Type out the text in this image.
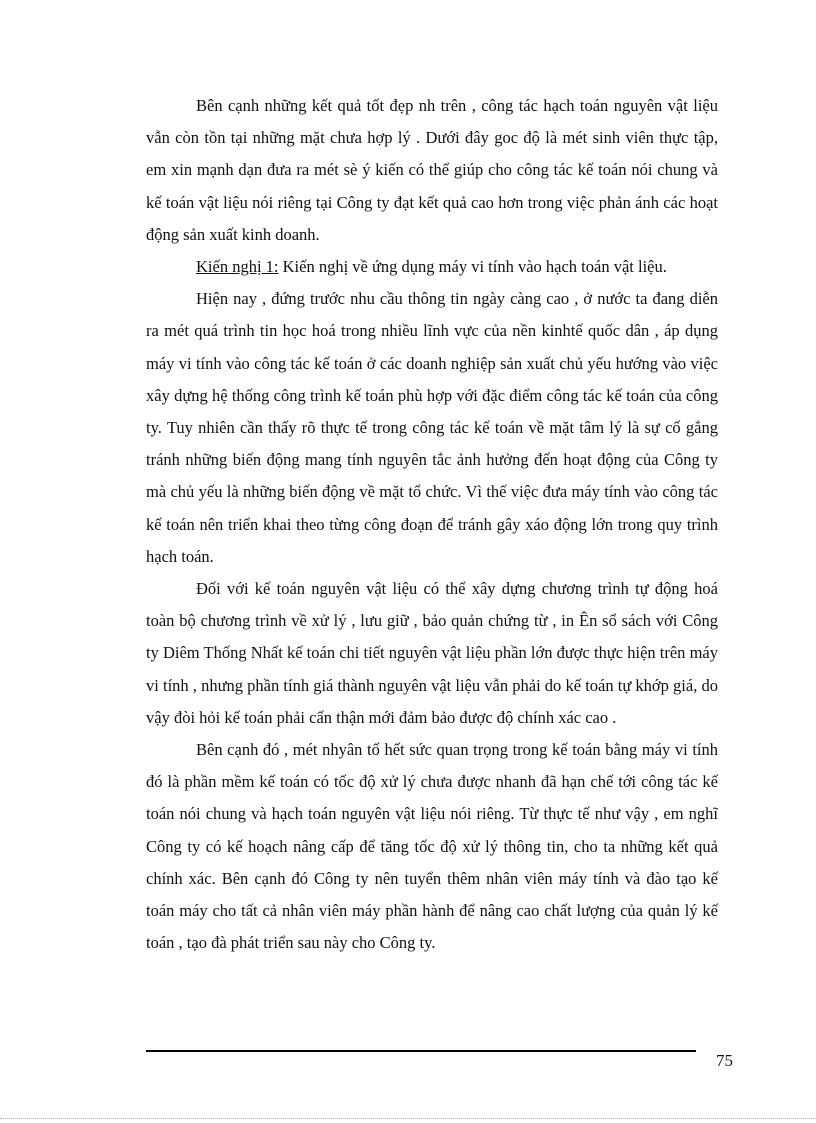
Bên cạnh những kết quả tốt đẹp nh trên , công tác hạch toán nguyên vật liệu vẫn còn tồn tại những mặt chưa hợp lý . Dưới đây goc độ là mét sinh viên thực tập, em xin mạnh dạn đưa ra mét sè ý kiến có thể giúp cho công tác kế toán nói chung và kế toán vật liệu nói riêng tại Công ty đạt kết quả cao hơn trong việc phản ánh các hoạt động sản xuất kinh doanh.

Kiến nghị 1: Kiến nghị về ứng dụng máy vi tính vào hạch toán vật liệu.

Hiện nay , đứng trước nhu cầu thông tin ngày càng cao , ở nước ta đang diễn ra mét quá trình tin học hoá trong nhiều lĩnh vực của nền kinhtế quốc dân , áp dụng máy vi tính vào công tác kế toán ở các doanh nghiệp sản xuất chủ yếu hướng vào việc xây dựng hệ thống công trình kế toán phù hợp với đặc điểm công tác kế toán của công ty. Tuy nhiên cần thấy rõ thực tế trong công tác kế toán về mặt tâm lý là sự cố gắng tránh những biến động mang tính nguyên tắc ảnh hưởng đến hoạt động của Công ty mà chủ yếu là những biến động về mặt tổ chức. Vì thế việc đưa máy tính vào công tác kế toán nên triển khai theo từng công đoạn để tránh gây xáo động lớn trong quy trình hạch toán.

Đối với kế toán nguyên vật liệu có thể xây dựng chương trình tự động hoá toàn bộ chương trình về xử lý , lưu giữ , bảo quản chứng từ , in Ên sổ sách với Công ty Diêm Thống Nhất kế toán chi tiết nguyên vật liệu phần lớn được thực hiện trên máy vi tính , nhưng phần tính giá thành nguyên vật liệu vẫn phải do kế toán tự khớp giá, do vậy đòi hỏi kế toán phải cẩn thận mới đảm bảo được độ chính xác cao .

Bên cạnh đó , mét nhyân tố hết sức quan trọng trong kế toán bằng máy vi tính đó là phần mềm kế toán có tốc độ xử lý chưa được nhanh đã hạn chế tới công tác kế toán nói chung và hạch toán nguyên vật liệu nói riêng. Từ thực tế như vậy , em nghĩ Công ty có kế hoạch nâng cấp để tăng tốc độ xử lý thông tin, cho ta những kết quả chính xác. Bên cạnh đó Công ty nên tuyển thêm nhân viên máy tính và đào tạo kế toán máy cho tất cả nhân viên máy phần hành để nâng cao chất lượng của quản lý kế toán , tạo đà phát triển sau này cho Công ty.

75
